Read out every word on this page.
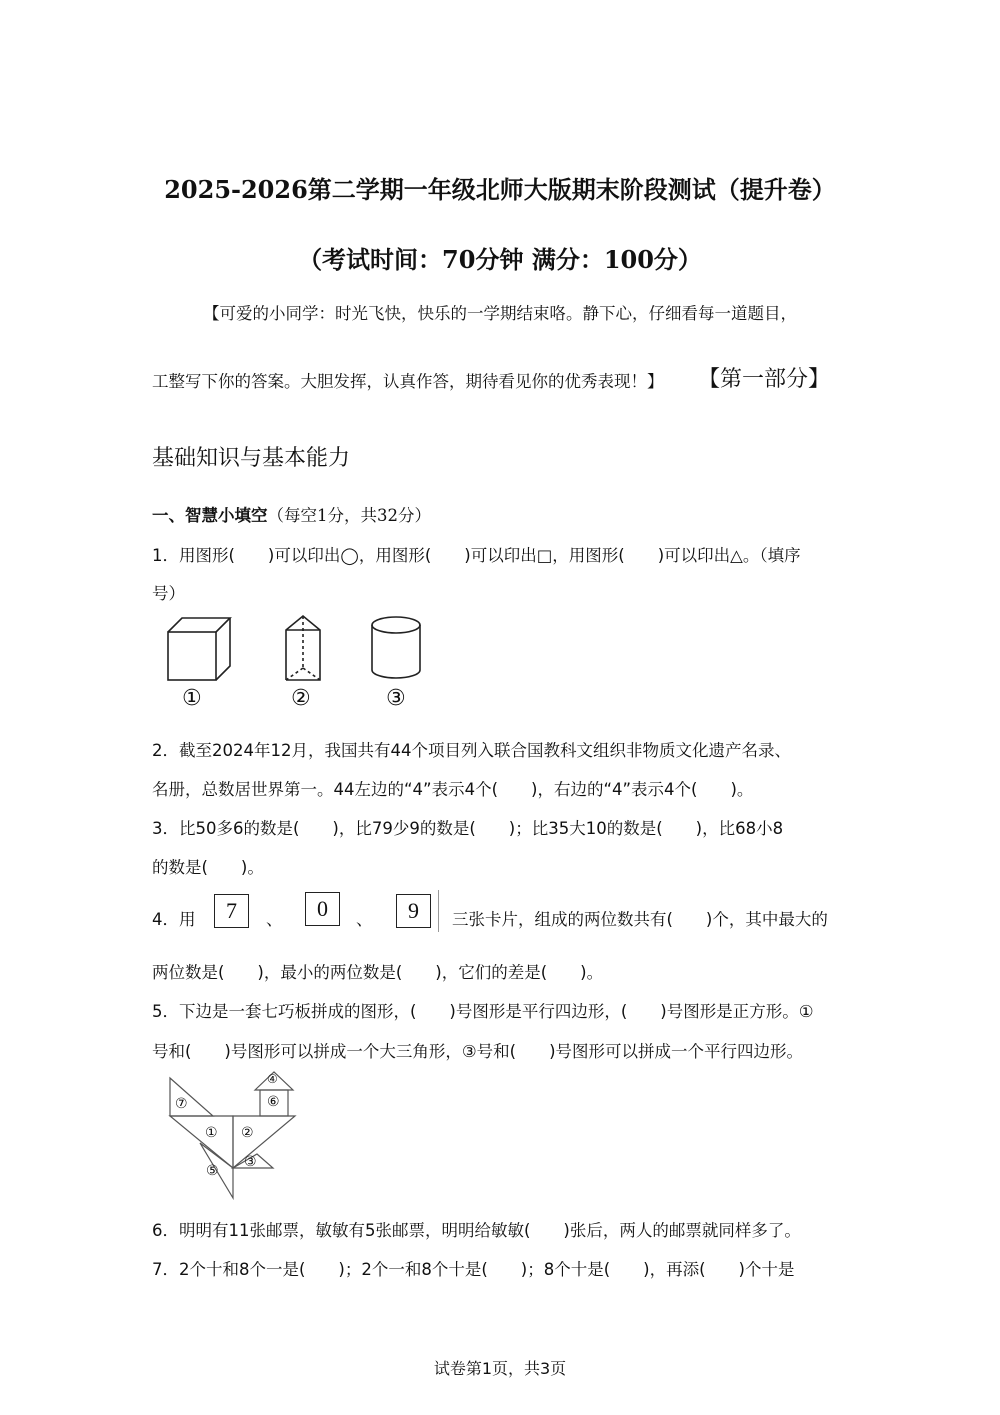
2025-2026第二学期一年级北师大版期末阶段测试（提升卷）
（考试时间：70分钟 满分：100分）
【可爱的小同学：时光飞快，快乐的一学期结束咯。静下心，仔细看每一道题目，
工整写下你的答案。大胆发挥，认真作答，期待看见你的优秀表现！】 【第一部分】
基础知识与基本能力
一、智慧小填空（每空1分，共32分）
1．用图形(　　)可以印出◯，用图形(　　)可以印出□，用图形(　　)可以印出△。（填序
号）
①	②	③
2．截至2024年12月，我国共有44个项目列入联合国教科文组织非物质文化遗产名录、
名册，总数居世界第一。44左边的“4”表示4个(　　)，右边的“4”表示4个(　　)。
3．比50多6的数是(　　)，比79少9的数是(　　)；比35大10的数是(　　)，比68小8
的数是(　　)。
4．用	7	、	0	、	9	三张卡片，组成的两位数共有(　　)个，其中最大的
两位数是(　　)，最小的两位数是(　　)，它们的差是(　　)。
5．下边是一套七巧板拼成的图形，(　　)号图形是平行四边形，(　　)号图形是正方形。①
号和(　　)号图形可以拼成一个大三角形，③号和(　　)号图形可以拼成一个平行四边形。
⑦
① ②
⑤
③
⑥
④
6．明明有11张邮票，敏敏有5张邮票，明明给敏敏(　　)张后，两人的邮票就同样多了。
7．2个十和8个一是(　　)；2个一和8个十是(　　)；8个十是(　　)，再添(　　)个十是
试卷第1页，共3页
